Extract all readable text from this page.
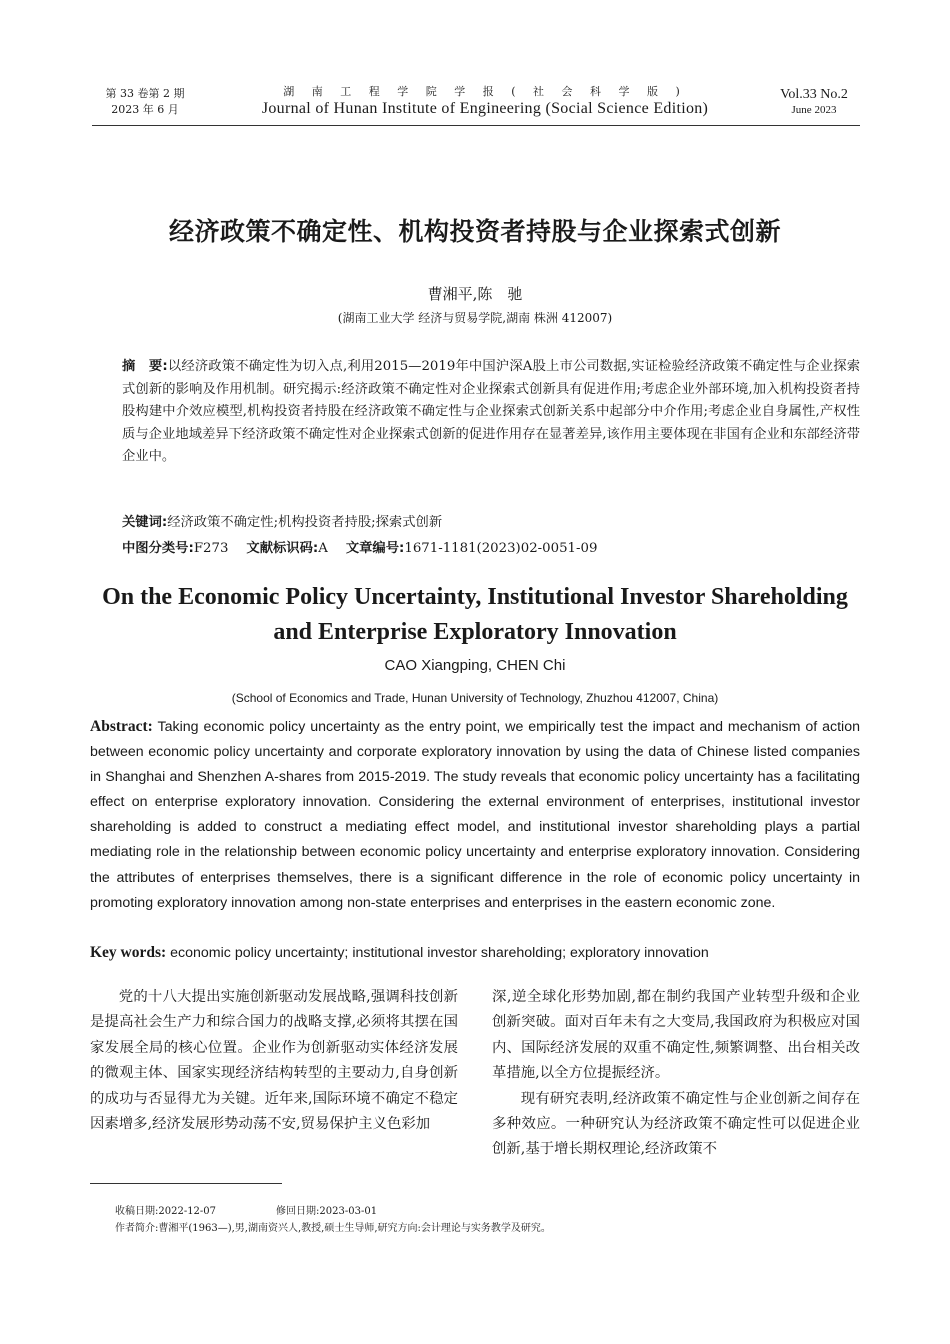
第 33 卷第 2 期
2023 年 6 月
湖 南 工 程 学 院 学 报 ( 社 会 科 学 版 )
Journal of Hunan Institute of Engineering (Social Science Edition)
Vol.33 No.2
June 2023
经济政策不确定性、机构投资者持股与企业探索式创新
曹湘平,陈　驰
(湖南工业大学 经济与贸易学院,湖南 株洲 412007)
摘　要:以经济政策不确定性为切入点,利用2015—2019年中国沪深A股上市公司数据,实证检验经济政策不确定性与企业探索式创新的影响及作用机制。研究揭示:经济政策不确定性对企业探索式创新具有促进作用;考虑企业外部环境,加入机构投资者持股构建中介效应模型,机构投资者持股在经济政策不确定性与企业探索式创新关系中起部分中介作用;考虑企业自身属性,产权性质与企业地域差异下经济政策不确定性对企业探索式创新的促进作用存在显著差异,该作用主要体现在非国有企业和东部经济带企业中。
关键词:经济政策不确定性;机构投资者持股;探索式创新
中图分类号:F273 文献标识码:A 文章编号:1671-1181(2023)02-0051-09
On the Economic Policy Uncertainty, Institutional Investor Shareholding
and Enterprise Exploratory Innovation
CAO Xiangping, CHEN Chi
(School of Economics and Trade, Hunan University of Technology, Zhuzhou 412007, China)
Abstract: Taking economic policy uncertainty as the entry point, we empirically test the impact and mechanism of action between economic policy uncertainty and corporate exploratory innovation by using the data of Chinese listed companies in Shanghai and Shenzhen A-shares from 2015-2019. The study reveals that economic policy uncertainty has a facilitating effect on enterprise exploratory innovation. Considering the external environment of enterprises, institutional investor shareholding is added to construct a mediating effect model, and institutional investor shareholding plays a partial mediating role in the relationship between economic policy uncertainty and enterprise exploratory innovation. Considering the attributes of enterprises themselves, there is a significant difference in the role of economic policy uncertainty in promoting exploratory innovation among non-state enterprises and enterprises in the eastern economic zone.
Key words: economic policy uncertainty; institutional investor shareholding; exploratory innovation

党的十八大提出实施创新驱动发展战略,强调科技创新是提高社会生产力和综合国力的战略支撑,必须将其摆在国家发展全局的核心位置。企业作为创新驱动实体经济发展的微观主体、国家实现经济结构转型的主要动力,自身创新的成功与否显得尤为关键。近年来,国际环境不确定不稳定因素增多,经济发展形势动荡不安,贸易保护主义色彩加

深,逆全球化形势加剧,都在制约我国产业转型升级和企业创新突破。面对百年未有之大变局,我国政府为积极应对国内、国际经济发展的双重不确定性,频繁调整、出台相关改革措施,以全方位提振经济。

现有研究表明,经济政策不确定性与企业创新之间存在多种效应。一种研究认为经济政策不确定性可以促进企业创新,基于增长期权理论,经济政策不

收稿日期:2022-12-07	修回日期:2023-03-01
作者简介:曹湘平(1963—),男,湖南资兴人,教授,硕士生导师,研究方向:会计理论与实务教学及研究。
